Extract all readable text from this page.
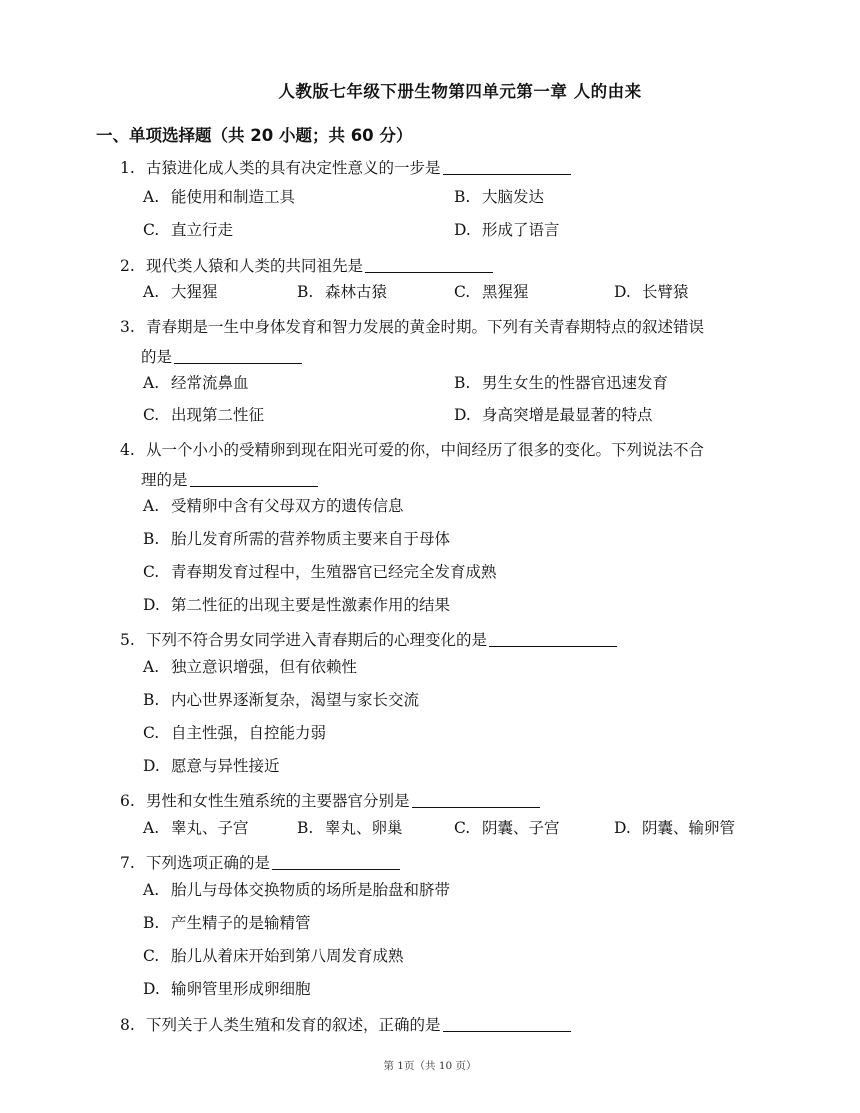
人教版七年级下册生物第四单元第一章 人的由来
一、单项选择题（共 20 小题；共 60 分）
1. 古猿进化成人类的具有决定性意义的一步是
A. 能使用和制造工具	B. 大脑发达
C. 直立行走	D. 形成了语言
2. 现代类人猿和人类的共同祖先是
A. 大猩猩	B. 森林古猿	C. 黑猩猩	D. 长臂猿
3. 青春期是一生中身体发育和智力发展的黄金时期。下列有关青春期特点的叙述错误
的是
A. 经常流鼻血	B. 男生女生的性器官迅速发育
C. 出现第二性征	D. 身高突增是最显著的特点
4. 从一个小小的受精卵到现在阳光可爱的你，中间经历了很多的变化。下列说法不合
理的是
A. 受精卵中含有父母双方的遗传信息
B. 胎儿发育所需的营养物质主要来自于母体
C. 青春期发育过程中，生殖器官已经完全发育成熟
D. 第二性征的出现主要是性激素作用的结果
5. 下列不符合男女同学进入青春期后的心理变化的是
A. 独立意识增强，但有依赖性
B. 内心世界逐渐复杂，渴望与家长交流
C. 自主性强，自控能力弱
D. 愿意与异性接近
6. 男性和女性生殖系统的主要器官分别是
A. 睾丸、子宫	B. 睾丸、卵巢	C. 阴囊、子宫	D. 阴囊、输卵管
7. 下列选项正确的是
A. 胎儿与母体交换物质的场所是胎盘和脐带
B. 产生精子的是输精管
C. 胎儿从着床开始到第八周发育成熟
D. 输卵管里形成卵细胞
8. 下列关于人类生殖和发育的叙述，正确的是
第 1页（共 10 页）
